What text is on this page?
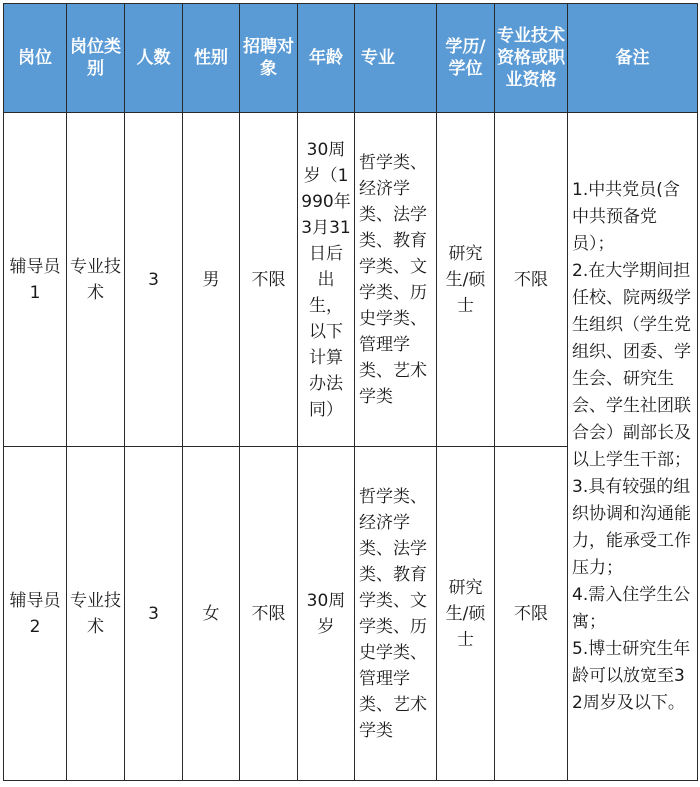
岗位	岗位类别	人数	性别	招聘对象	年龄	专业	学历/学位	专业技术资格或职业资格	备注
辅导员1	专业技术	3	男	不限	30周岁（1990年3月31日后出生，以下计算办法同）	哲学类、经济学类、法学类、教育学类、文学类、历史学类、管理学类、艺术学类	研究生/硕士	不限	1.中共党员(含中共预备党员）；
2.在大学期间担任校、院两级学生组织（学生党组织、团委、学生会、研究生会、学生社团联合会）副部长及以上学生干部；
3.具有较强的组织协调和沟通能力，能承受工作压力；
4.需入住学生公寓；
5.博士研究生年龄可以放宽至32周岁及以下。

辅导员2	专业技术	3	女	不限	30周岁	哲学类、经济学类、法学类、教育学类、文学类、历史学类、管理学类、艺术学类	研究生/硕士	不限	
